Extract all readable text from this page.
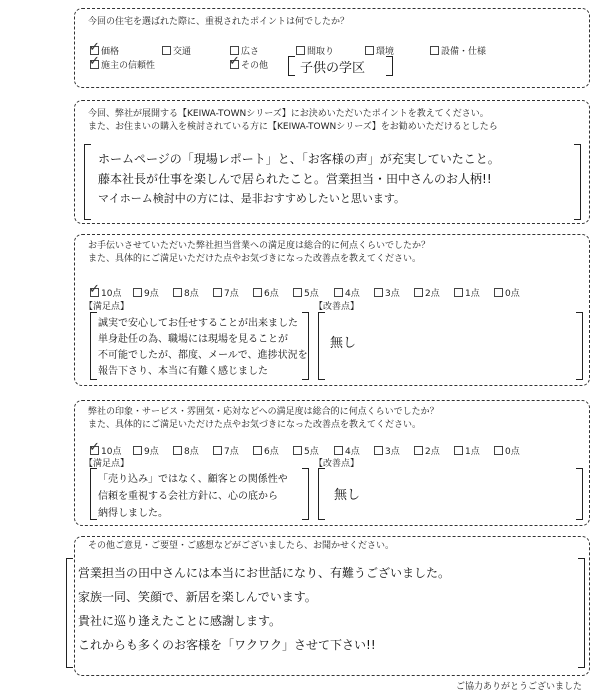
今回の住宅を選ばれた際に、重視されたポイントは何でしたか？
✓ 価格	交通	広さ	間取り	環境	設備・仕様
✓ 施主の信頼性	✓ その他 子供の学区
今回、弊社が展開する【KEIWA-TOWNシリーズ】にお決めいただいたポイントを教えてください。
また、お住まいの購入を検討されている方に【KEIWA-TOWNシリーズ】をお勧めいただけるとしたら
ホームページの「現場レポート」と、「お客様の声」が充実していたこと。
藤本社長が仕事を楽しんで居られたこと。営業担当・田中さんのお人柄!!
マイホーム検討中の方には、是非おすすめしたいと思います。
お手伝いさせていただいた弊社担当営業への満足度は総合的に何点くらいでしたか？
また、具体的にご満足いただけた点やお気づきになった改善点を教えてください。
✓ 10点	9点	8点	7点	6点	5点	4点	3点	2点	1点	0点
【満足点】	【改善点】
誠実で安心してお任せすることが出来ました
単身赴任の為、職場には現場を見ることが
不可能でしたが、都度、メールで、進捗状況を
報告下さり、本当に有難く感じました
無し
弊社の印象・サービス・雰囲気・応対などへの満足度は総合的に何点くらいでしたか？
また、具体的にご満足いただけた点やお気づきになった改善点を教えてください。
✓ 10点	9点	8点	7点	6点	5点	4点	3点	2点	1点	0点
【満足点】	【改善点】
「売り込み」ではなく、顧客との関係性や
信頼を重視する会社方針に、心の底から
納得しました。
無し
その他ご意見・ご要望・ご感想などがございましたら、お聞かせください。
営業担当の田中さんには本当にお世話になり、有難うございました。
家族一同、笑顔で、新居を楽しんでいます。
貴社に巡り逢えたことに感謝します。
これからも多くのお客様を「ワクワク」させて下さい!!
ご協力ありがとうございました
